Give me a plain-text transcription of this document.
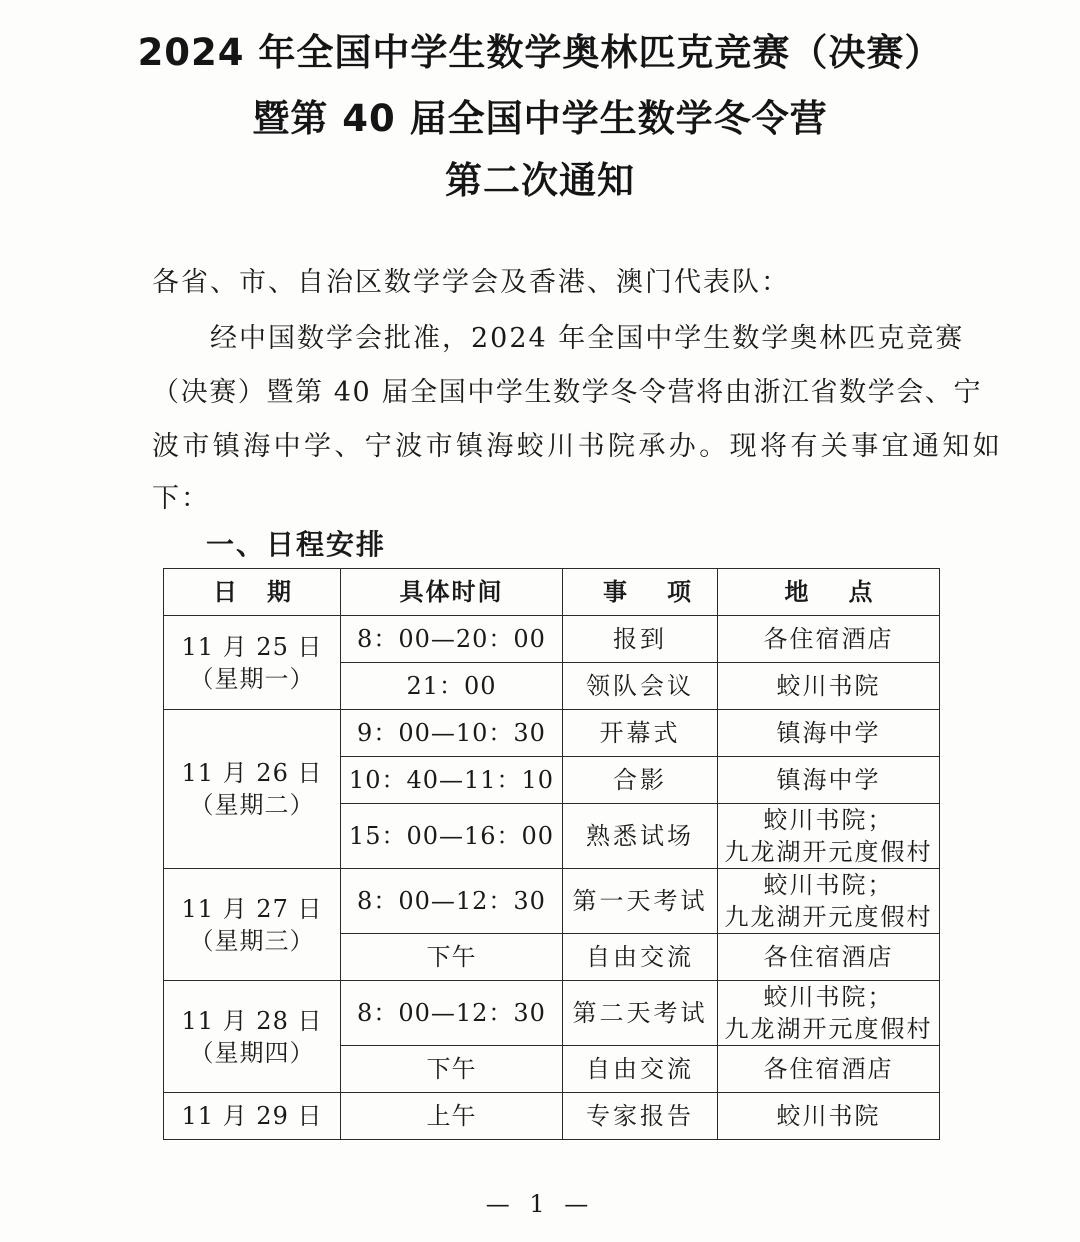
2024 年全国中学生数学奥林匹克竞赛（决赛）
暨第 40 届全国中学生数学冬令营
第二次通知
各省、市、自治区数学学会及香港、澳门代表队：
经中国数学会批准，2024 年全国中学生数学奥林匹克竞赛
（决赛）暨第 40 届全国中学生数学冬令营将由浙江省数学会、宁
波市镇海中学、宁波市镇海蛟川书院承办。现将有关事宜通知如
下：
一、日程安排
日期	具体时间	事项	地点

11 月 25 日
（星期一）	8：00—20：00	报到	各住宿酒店

	21：00	领队会议	蛟川书院

11 月 26 日
（星期二）	9：00—10：30	开幕式	镇海中学

	10：40—11：10	合影	镇海中学

	15：00—16：00	熟悉试场	蛟川书院；
九龙湖开元度假村

11 月 27 日
（星期三）	8：00—12：30	第一天考试	蛟川书院；
九龙湖开元度假村

	下午	自由交流	各住宿酒店

11 月 28 日
（星期四）	8：00—12：30	第二天考试	蛟川书院；
九龙湖开元度假村

	下午	自由交流	各住宿酒店

11 月 29 日	上午	专家报告	蛟川书院
— 1 —
